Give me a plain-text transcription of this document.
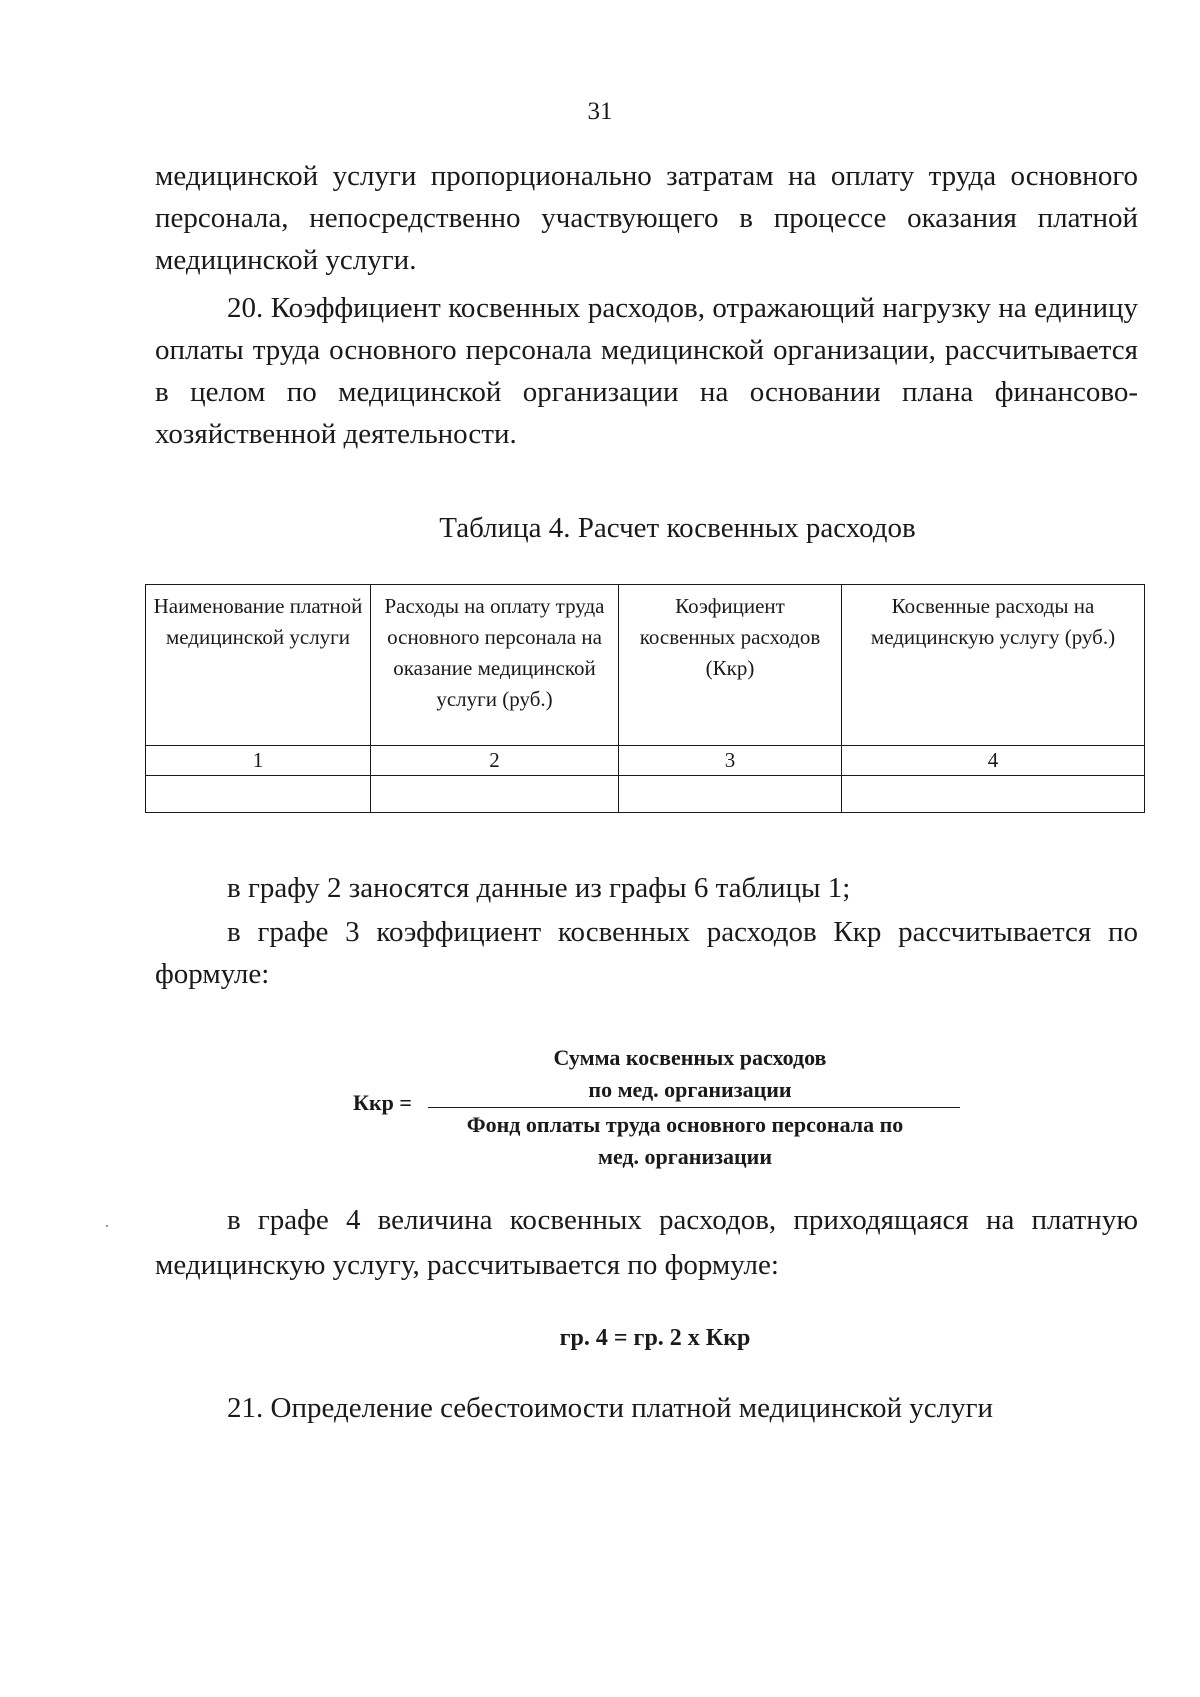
31
медицинской услуги пропорционально затратам на оплату труда основного персонала, непосредственно участвующего в процессе оказания платной медицинской услуги.
20. Коэффициент косвенных расходов, отражающий нагрузку на единицу оплаты труда основного персонала медицинской организации, рассчитывается в целом по медицинской организации на основании плана финансово-хозяйственной деятельности.
Таблица 4. Расчет косвенных расходов
Наименование платной медицинской услуги	Расходы на оплату труда основного персонала на оказание медицинской услуги (руб.)	Коэфициент косвенных расходов (Ккр)	Косвенные расходы на медицинскую услугу (руб.)
1	2	3	4

в графу 2 заносятся данные из графы 6 таблицы 1;
в графе 3 коэффициент косвенных расходов Ккр рассчитывается по формуле:
Ккр =
Сумма косвенных расходов
по мед. организации
Фонд оплаты труда основного персонала по
мед. организации
в графе 4 величина косвенных расходов, приходящаяся на платную медицинскую услугу, рассчитывается по формуле:
гр. 4 = гр. 2 х Ккр
21. Определение себестоимости платной медицинской услуги
